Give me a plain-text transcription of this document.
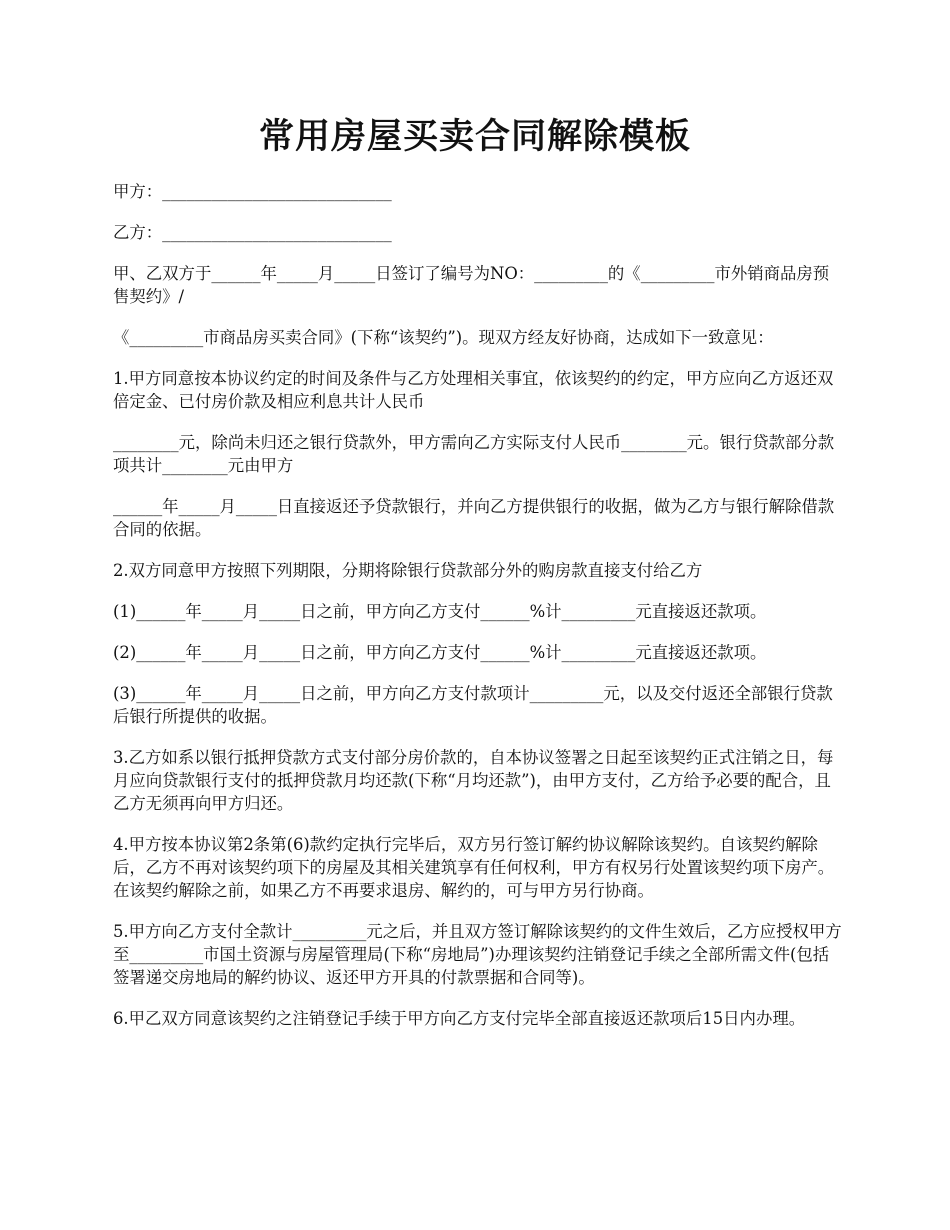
常用房屋买卖合同解除模板

甲方：____________________________

乙方：____________________________

甲、乙双方于______年_____月_____日签订了编号为NO：_________的《_________市外销商品房预售契约》/

《_________市商品房买卖合同》(下称“该契约”)。现双方经友好协商，达成如下一致意见：

1.甲方同意按本协议约定的时间及条件与乙方处理相关事宜，依该契约的约定，甲方应向乙方返还双倍定金、已付房价款及相应利息共计人民币

________元，除尚未归还之银行贷款外，甲方需向乙方实际支付人民币________元。银行贷款部分款项共计________元由甲方

______年_____月_____日直接返还予贷款银行，并向乙方提供银行的收据，做为乙方与银行解除借款合同的依据。

2.双方同意甲方按照下列期限，分期将除银行贷款部分外的购房款直接支付给乙方

(1)______年_____月_____日之前，甲方向乙方支付______%计_________元直接返还款项。

(2)______年_____月_____日之前，甲方向乙方支付______%计_________元直接返还款项。

(3)______年_____月_____日之前，甲方向乙方支付款项计_________元，以及交付返还全部银行贷款后银行所提供的收据。

3.乙方如系以银行抵押贷款方式支付部分房价款的，自本协议签署之日起至该契约正式注销之日，每月应向贷款银行支付的抵押贷款月均还款(下称“月均还款”)，由甲方支付，乙方给予必要的配合，且乙方无须再向甲方归还。

4.甲方按本协议第2条第(6)款约定执行完毕后，双方另行签订解约协议解除该契约。自该契约解除后，乙方不再对该契约项下的房屋及其相关建筑享有任何权利，甲方有权另行处置该契约项下房产。在该契约解除之前，如果乙方不再要求退房、解约的，可与甲方另行协商。

5.甲方向乙方支付全款计_________元之后，并且双方签订解除该契约的文件生效后，乙方应授权甲方至_________市国土资源与房屋管理局(下称“房地局”)办理该契约注销登记手续之全部所需文件(包括签署递交房地局的解约协议、返还甲方开具的付款票据和合同等)。

6.甲乙双方同意该契约之注销登记手续于甲方向乙方支付完毕全部直接返还款项后15日内办理。
